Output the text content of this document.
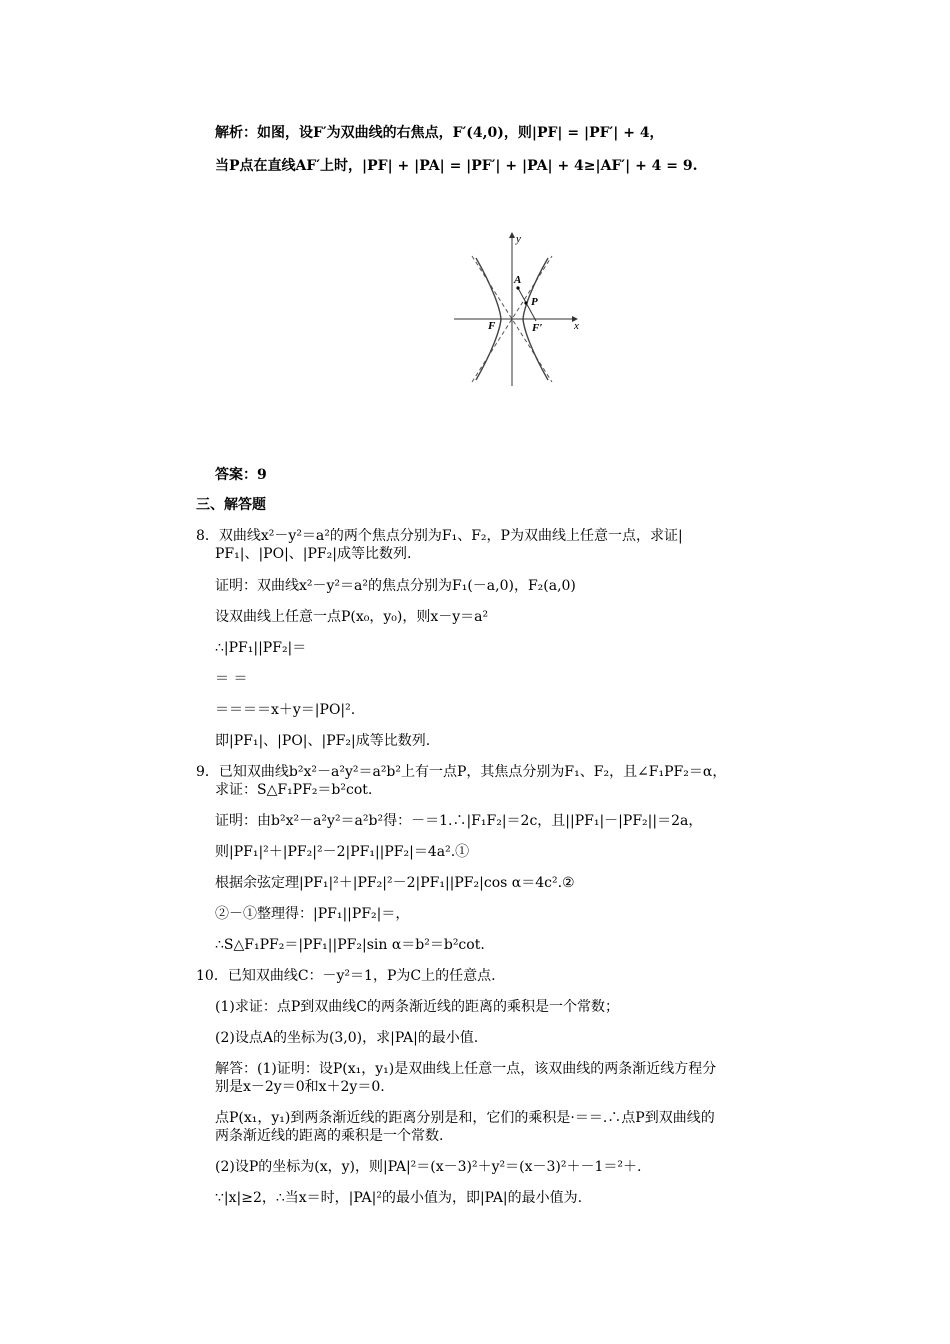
解析：如图，设F′为双曲线的右焦点，F′(4,0)，则|PF| = |PF′| + 4，
当P点在直线AF′上时，|PF| + |PA| = |PF′| + |PA| + 4≥|AF′| + 4 = 9.
y
x
A
P
F	F′
答案：9
三、解答题
8．双曲线x²－y²＝a²的两个焦点分别为F₁、F₂，P为双曲线上任意一点，求证|
PF₁|、|PO|、|PF₂|成等比数列.
证明：双曲线x²－y²＝a²的焦点分别为F₁(－a,0)，F₂(a,0)
设双曲线上任意一点P(x₀，y₀)，则x－y＝a²
∴|PF₁||PF₂|＝
＝ ＝
＝＝＝＝x＋y＝|PO|².
即|PF₁|、|PO|、|PF₂|成等比数列.
9．已知双曲线b²x²－a²y²＝a²b²上有一点P，其焦点分别为F₁、F₂，且∠F₁PF₂＝α，
求证：S△F₁PF₂＝b²cot.
证明：由b²x²－a²y²＝a²b²得：－＝1.∴|F₁F₂|＝2c，且||PF₁|－|PF₂||＝2a，
则|PF₁|²＋|PF₂|²－2|PF₁||PF₂|＝4a².①
根据余弦定理|PF₁|²＋|PF₂|²－2|PF₁||PF₂|cos α＝4c².②
②－①整理得：|PF₁||PF₂|＝，
∴S△F₁PF₂＝|PF₁||PF₂|sin α＝b²＝b²cot.
10．已知双曲线C：－y²＝1，P为C上的任意点.
(1)求证：点P到双曲线C的两条渐近线的距离的乘积是一个常数；
(2)设点A的坐标为(3,0)，求|PA|的最小值.
解答：(1)证明：设P(x₁，y₁)是双曲线上任意一点，该双曲线的两条渐近线方程分
别是x－2y＝0和x＋2y＝0.
点P(x₁，y₁)到两条渐近线的距离分别是和，它们的乘积是·＝＝.∴点P到双曲线的
两条渐近线的距离的乘积是一个常数.
(2)设P的坐标为(x，y)，则|PA|²＝(x－3)²＋y²＝(x－3)²＋－1＝²＋.
∵|x|≥2，∴当x＝时，|PA|²的最小值为，即|PA|的最小值为.
